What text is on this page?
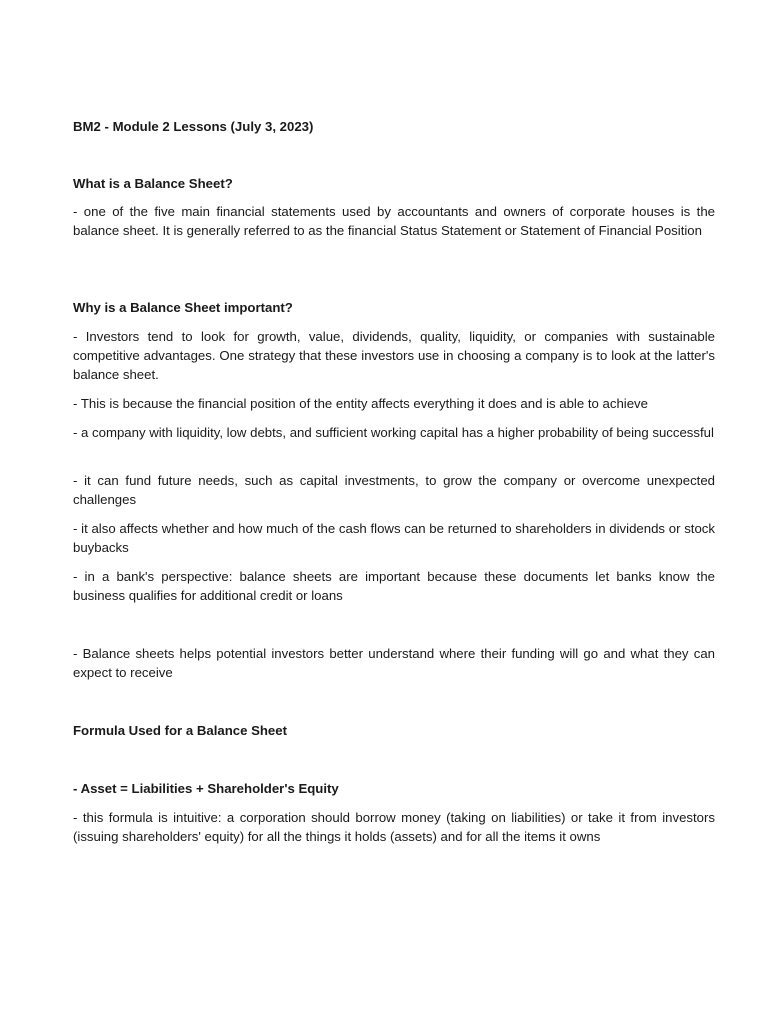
BM2 - Module 2 Lessons (July 3, 2023)

What is a Balance Sheet?

- one of the five main financial statements used by accountants and owners of corporate houses is the balance sheet. It is generally referred to as the financial Status Statement or Statement of Financial Position

Why is a Balance Sheet important?

- Investors tend to look for growth, value, dividends, quality, liquidity, or companies with sustainable competitive advantages. One strategy that these investors use in choosing a company is to look at the latter's balance sheet.

- This is because the financial position of the entity affects everything it does and is able to achieve

- a company with liquidity, low debts, and sufficient working capital has a higher probability of being successful

- it can fund future needs, such as capital investments, to grow the company or overcome unexpected challenges

- it also affects whether and how much of the cash flows can be returned to shareholders in dividends or stock buybacks

- in a bank's perspective: balance sheets are important because these documents let banks know the business qualifies for additional credit or loans

- Balance sheets helps potential investors better understand where their funding will go and what they can expect to receive

Formula Used for a Balance Sheet

- Asset = Liabilities + Shareholder's Equity

- this formula is intuitive: a corporation should borrow money (taking on liabilities) or take it from investors (issuing shareholders' equity) for all the things it holds (assets) and for all the items it owns
